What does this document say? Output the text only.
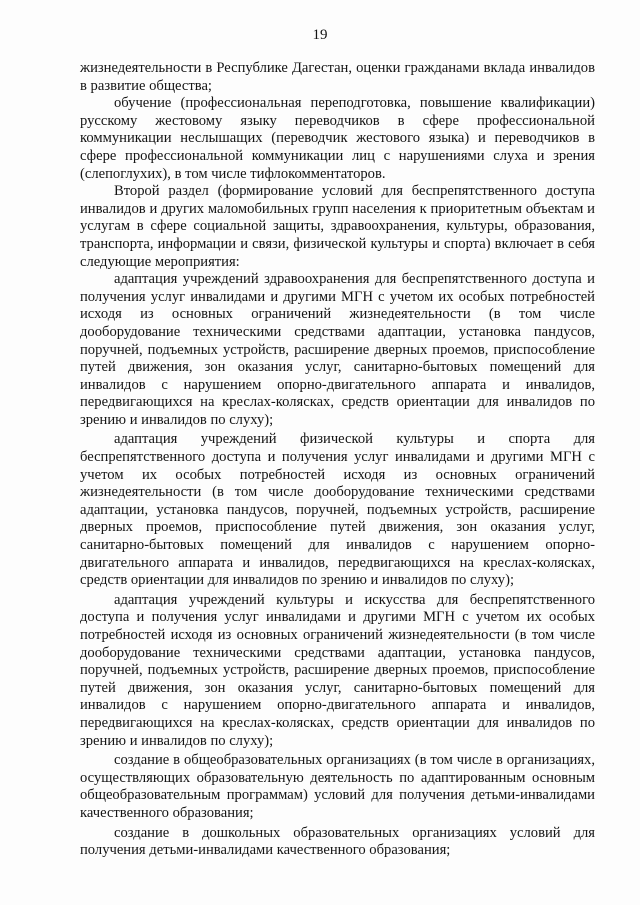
19

жизнедеятельности в Республике Дагестан, оценки гражданами вклада инвалидов в развитие общества;

обучение (профессиональная переподготовка, повышение квалификации) русскому жестовому языку переводчиков в сфере профессиональной коммуникации неслышащих (переводчик жестового языка) и переводчиков в сфере профессиональной коммуникации лиц с нарушениями слуха и зрения (слепоглухих), в том числе тифлокомментаторов.

Второй раздел (формирование условий для беспрепятственного доступа инвалидов и других маломобильных групп населения к приоритетным объектам и услугам в сфере социальной защиты, здравоохранения, культуры, образования, транспорта, информации и связи, физической культуры и спорта) включает в себя следующие мероприятия:

адаптация учреждений здравоохранения для беспрепятственного доступа и получения услуг инвалидами и другими МГН с учетом их особых потребностей исходя из основных ограничений жизнедеятельности (в том числе дооборудование техническими средствами адаптации, установка пандусов, поручней, подъемных устройств, расширение дверных проемов, приспособление путей движения, зон оказания услуг, санитарно-бытовых помещений для инвалидов с нарушением опорно-двигательного аппарата и инвалидов, передвигающихся на креслах-колясках, средств ориентации для инвалидов по зрению и инвалидов по слуху);

адаптация учреждений физической культуры и спорта для беспрепятственного доступа и получения услуг инвалидами и другими МГН с учетом их особых потребностей исходя из основных ограничений жизнедеятельности (в том числе дооборудование техническими средствами адаптации, установка пандусов, поручней, подъемных устройств, расширение дверных проемов, приспособление путей движения, зон оказания услуг, санитарно-бытовых помещений для инвалидов с нарушением опорно-двигательного аппарата и инвалидов, передвигающихся на креслах-колясках, средств ориентации для инвалидов по зрению и инвалидов по слуху);

адаптация учреждений культуры и искусства для беспрепятственного доступа и получения услуг инвалидами и другими МГН с учетом их особых потребностей исходя из основных ограничений жизнедеятельности (в том числе дооборудование техническими средствами адаптации, установка пандусов, поручней, подъемных устройств, расширение дверных проемов, приспособление путей движения, зон оказания услуг, санитарно-бытовых помещений для инвалидов с нарушением опорно-двигательного аппарата и инвалидов, передвигающихся на креслах-колясках, средств ориентации для инвалидов по зрению и инвалидов по слуху);

создание в общеобразовательных организациях (в том числе в организациях, осуществляющих образовательную деятельность по адаптированным основным общеобразовательным программам) условий для получения детьми-инвалидами качественного образования;

создание в дошкольных образовательных организациях условий для получения детьми-инвалидами качественного образования;
